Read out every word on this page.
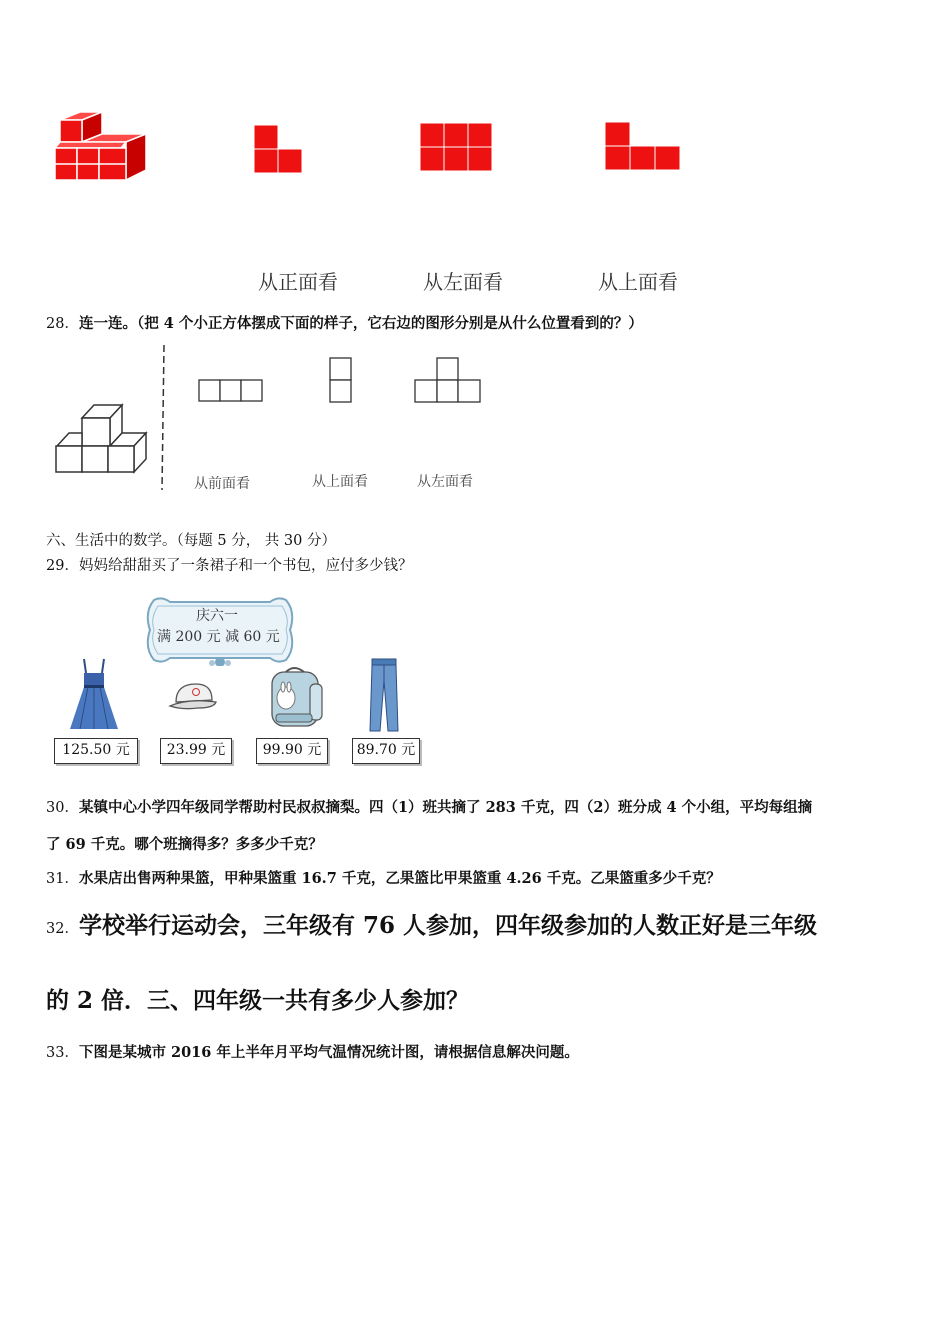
从正面看	从左面看	从上面看
28．连一连。（把 4 个小正方体摆成下面的样子，它右边的图形分别是从什么位置看到的？）
从前面看	从上面看	从左面看
六、生活中的数学。（每题 5 分， 共 30 分）
29．妈妈给甜甜买了一条裙子和一个书包，应付多少钱？
庆六一
满 200 元 减 60 元
125.50 元	23.99 元	99.90 元	89.70 元
30．某镇中心小学四年级同学帮助村民叔叔摘梨。四（1）班共摘了 283 千克，四（2）班分成 4 个小组，平均每组摘
了 69 千克。哪个班摘得多？多多少千克？
31．水果店出售两种果篮，甲种果篮重 16.7 千克，乙果篮比甲果篮重 4.26 千克。乙果篮重多少千克？
32．学校举行运动会，三年级有 76 人参加，四年级参加的人数正好是三年级
的 2 倍．三、四年级一共有多少人参加？
33．下图是某城市 2016 年上半年月平均气温情况统计图，请根据信息解决问题。
